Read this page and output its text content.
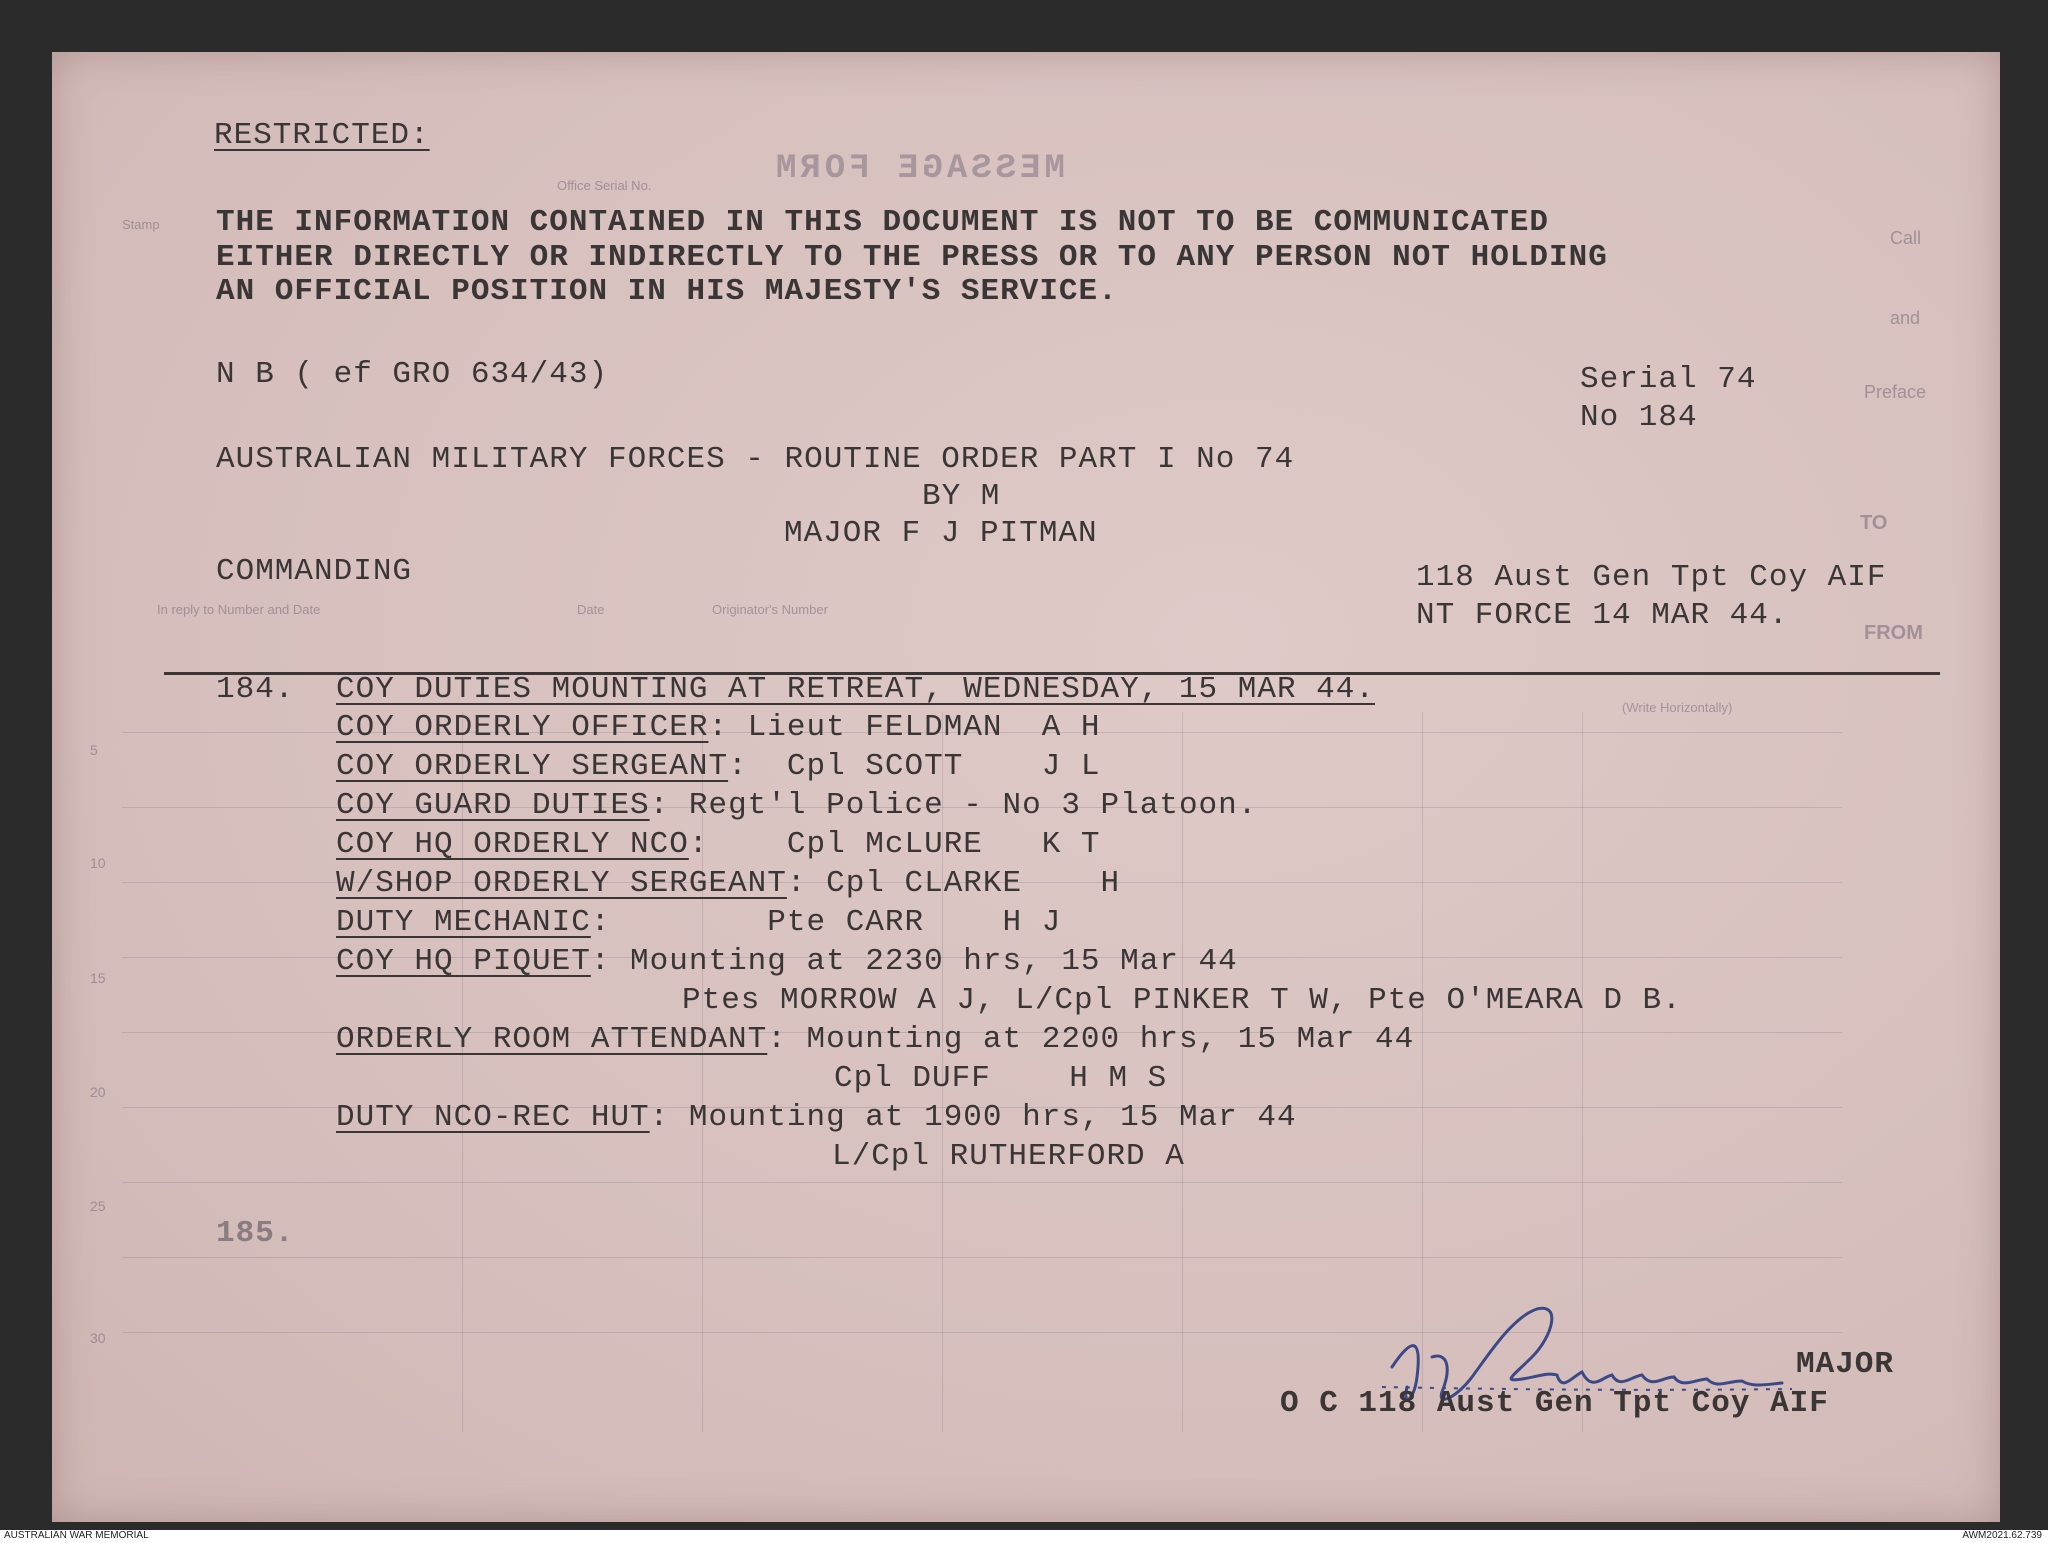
MESSAGE FORM
Office Serial No.
Stamp
Call
and
Preface
TO
FROM
In reply to Number and Date	Date	Originator's Number
(Write Horizontally)
5
10
15
20
25
30
RESTRICTED:
THE INFORMATION CONTAINED IN THIS DOCUMENT IS NOT TO BE COMMUNICATED
EITHER DIRECTLY OR INDIRECTLY TO THE PRESS OR TO ANY PERSON NOT HOLDING
AN OFFICIAL POSITION IN HIS MAJESTY'S SERVICE.
N B ( ef GRO 634/43)	Serial 74
No 184
AUSTRALIAN MILITARY FORCES - ROUTINE ORDER PART I No 74
BY M
MAJOR F J PITMAN
COMMANDING	118 Aust Gen Tpt Coy AIF
NT FORCE 14 MAR 44.
184. COY DUTIES MOUNTING AT RETREAT, WEDNESDAY, 15 MAR 44.
COY ORDERLY OFFICER: Lieut FELDMAN  A H
COY ORDERLY SERGEANT:  Cpl SCOTT    J L
COY GUARD DUTIES: Regt'l Police - No 3 Platoon.
COY HQ ORDERLY NCO:    Cpl McLURE   K T
W/SHOP ORDERLY SERGEANT: Cpl CLARKE    H
DUTY MECHANIC:        Pte CARR    H J
COY HQ PIQUET: Mounting at 2230 hrs, 15 Mar 44
Ptes MORROW A J, L/Cpl PINKER T W, Pte O'MEARA D B.
ORDERLY ROOM ATTENDANT: Mounting at 2200 hrs, 15 Mar 44
Cpl DUFF    H M S
DUTY NCO-REC HUT: Mounting at 1900 hrs, 15 Mar 44
L/Cpl RUTHERFORD A
185.
MAJOR
O C 118 Aust Gen Tpt Coy AIF
AUSTRALIAN WAR MEMORIAL	AWM2021.62.739
